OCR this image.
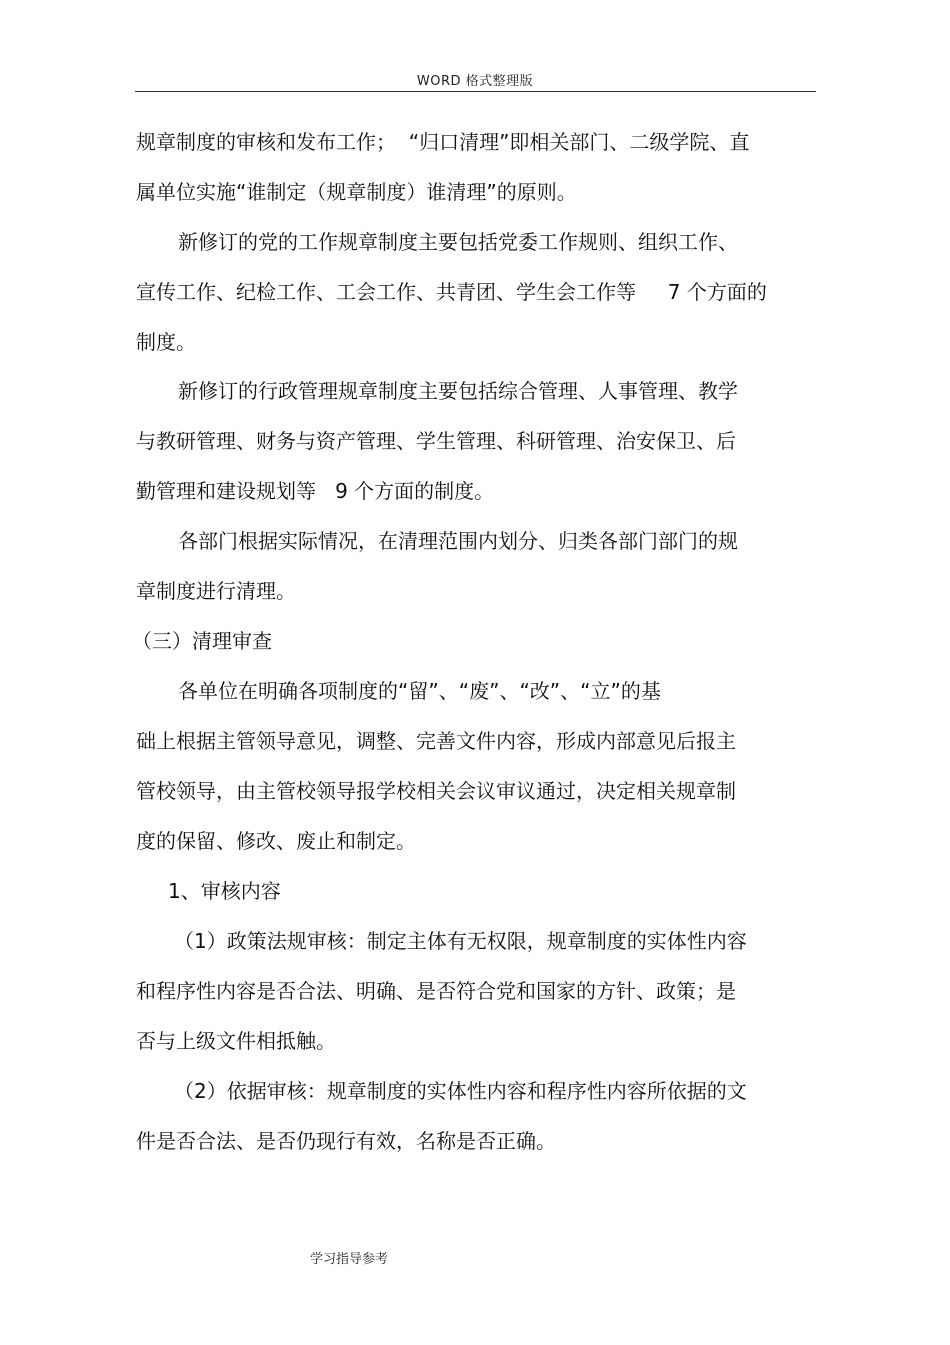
WORD 格式整理版
规章制度的审核和发布工作；  “归口清理”即相关部门、二级学院、直
属单位实施“谁制定（规章制度）谁清理”的原则。
新修订的党的工作规章制度主要包括党委工作规则、组织工作、
宣传工作、纪检工作、工会工作、共青团、学生会工作等     7 个方面的
制度。
新修订的行政管理规章制度主要包括综合管理、人事管理、教学
与教研管理、财务与资产管理、学生管理、科研管理、治安保卫、后
勤管理和建设规划等   9 个方面的制度。
各部门根据实际情况，在清理范围内划分、归类各部门部门的规
章制度进行清理。
（三）清理审查
各单位在明确各项制度的“留”、“废”、“改”、“立”的基
础上根据主管领导意见，调整、完善文件内容，形成内部意见后报主
管校领导，由主管校领导报学校相关会议审议通过，决定相关规章制
度的保留、修改、废止和制定。
1、审核内容
（1）政策法规审核：制定主体有无权限，规章制度的实体性内容
和程序性内容是否合法、明确、是否符合党和国家的方针、政策；是
否与上级文件相抵触。
（2）依据审核：规章制度的实体性内容和程序性内容所依据的文
件是否合法、是否仍现行有效，名称是否正确。
学习指导参考
